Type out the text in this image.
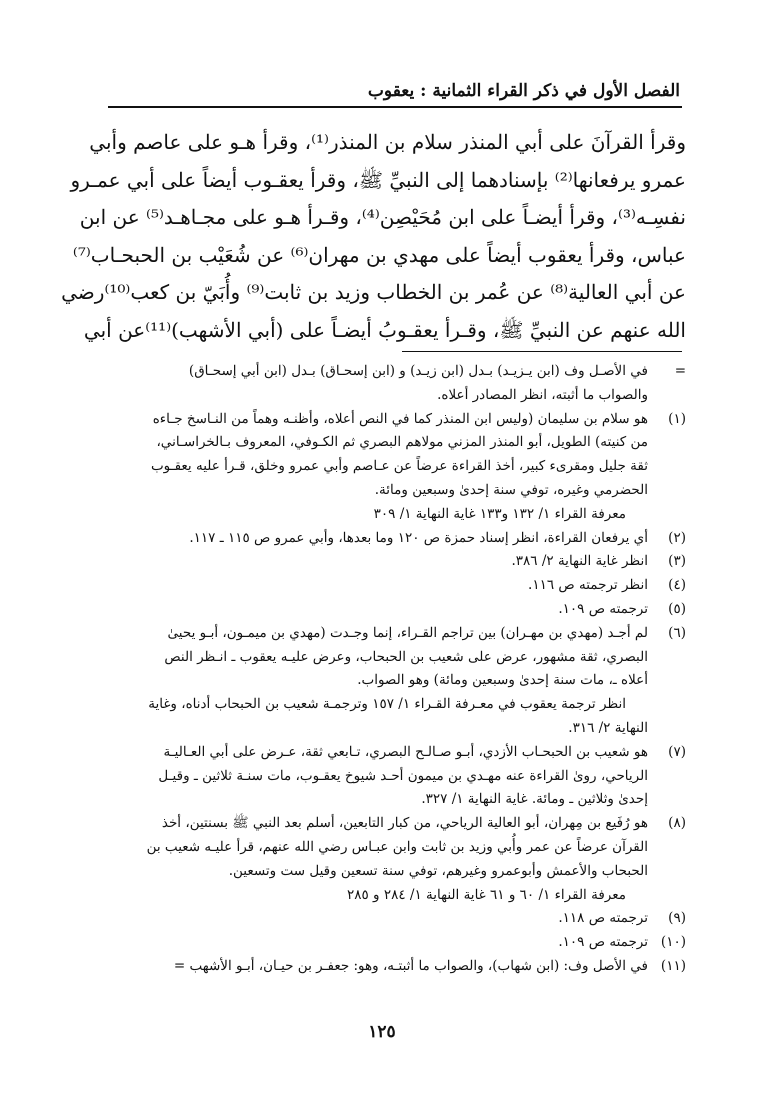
الفصل الأول في ذكر القراء الثمانية : يعقوب
وقرأ القرآنَ على أبي المنذر سلام بن المنذر⁽¹⁾، وقرأ هـو على عاصم وأبي
عمرو يرفعانها⁽²⁾ بإسنادهما إلى النبيِّ ﷺ، وقرأ يعقـوب أيضاً على أبي عمـرو
نفسِـه⁽³⁾، وقرأ أيضـاً على ابن مُحَيْصِن⁽⁴⁾، وقـرأ هـو على مجـاهـد⁽⁵⁾ عن ابن
عباس، وقرأ يعقوب أيضاً على مهدي بن مهران⁽⁶⁾ عن شُعَيْب بن الحبحـاب⁽⁷⁾
عن أبي العالية⁽⁸⁾ عن عُمر بن الخطاب وزيد بن ثابت⁽⁹⁾ وأُبَيّ بن كعب⁽¹⁰⁾رضي
الله عنهم عن النبيِّ ﷺ، وقـرأ يعقـوبُ أيضـاً على (أبي الأشهب)⁽¹¹⁾عن أبي
=
في الأصـل وف (ابن يـزيـد) بـدل (ابن زيـد) و (ابن إسحـاق) بـدل (ابن أبي إسحـاق)
والصواب ما أثبته، انظر المصادر أعلاه.
(١)
هو سلام بن سليمان (وليس ابن المنذر كما في النص أعلاه، وأظنـه وهماً من النـاسخ جـاءه
من كنيته) الطويل، أبو المنذر المزني مولاهم البصري ثم الكـوفي، المعروف بـالخراسـاني،
ثقة جليل ومقرىء كبير، أخذ القراءة عرضاً عن عـاصم وأبي عمرو وخلق، قـرأ عليه يعقـوب
الحضرمي وغيره، توفي سنة إحدىٰ وسبعين ومائة.
معرفة القراء ١/ ١٣٢ و١٣٣ غاية النهاية ١/ ٣٠٩
(٢)
أي يرفعان القراءة، انظر إسناد حمزة ص ١٢٠ وما بعدها، وأبي عمرو ص ١١٥ ـ ١١٧.
(٣)
انظر غاية النهاية ٢/ ٣٨٦.
(٤)
انظر ترجمته ص ١١٦.
(٥)
ترجمته ص ١٠٩.
(٦)
لم أجـد (مهدي بن مهـران) بين تراجم القـراء، إنما وجـدت (مهدي بن ميمـون، أبـو يحيىٰ
البصري، ثقة مشهور، عرض على شعيب بن الحبحاب، وعرض عليـه يعقوب ـ انـظر النص
أعلاه ـ، مات سنة إحدىٰ وسبعين ومائة) وهو الصواب.
انظر ترجمة يعقوب في معـرفة القـراء ١/ ١٥٧ وترجمـة شعيب بن الحبحاب أدناه، وغاية
النهاية ٢/ ٣١٦.
(٧)
هو شعيب بن الحبحـاب الأزدي، أبـو صـالـح البصري، تـابعي ثقة، عـرض على أبي العـاليـة
الرياحي، روىٰ القراءة عنه مهـدي بن ميمون أحـد شيوخ يعقـوب، مات سنـة ثلاثين ـ وقيـل
إحدىٰ وثلاثين ـ ومائة. غاية النهاية ١/ ٣٢٧.
(٨)
هو رُفَيع بن مِهران، أبو العالية الرياحي، من كبار التابعين، أسلم بعد النبي ﷺ بسنتين، أخذ
القرآن عرضاً عن عمر وأُبي وزيد بن ثابت وابن عبـاس رضي الله عنهم، قرأ عليـه شعيب بن
الحبحاب والأعمش وأبوعمرو وغيرهم، توفي سنة تسعين وقيل ست وتسعين.
معرفة القراء ١/ ٦٠ و ٦١ غاية النهاية ١/ ٢٨٤ و ٢٨٥
(٩)
ترجمته ص ١١٨.
(١٠)
ترجمته ص ١٠٩.
(١١)
في الأصل وف: (ابن شهاب)، والصواب ما أثبتـه، وهو: جعفـر بن حيـان، أبـو الأشهب =
١٢٥
